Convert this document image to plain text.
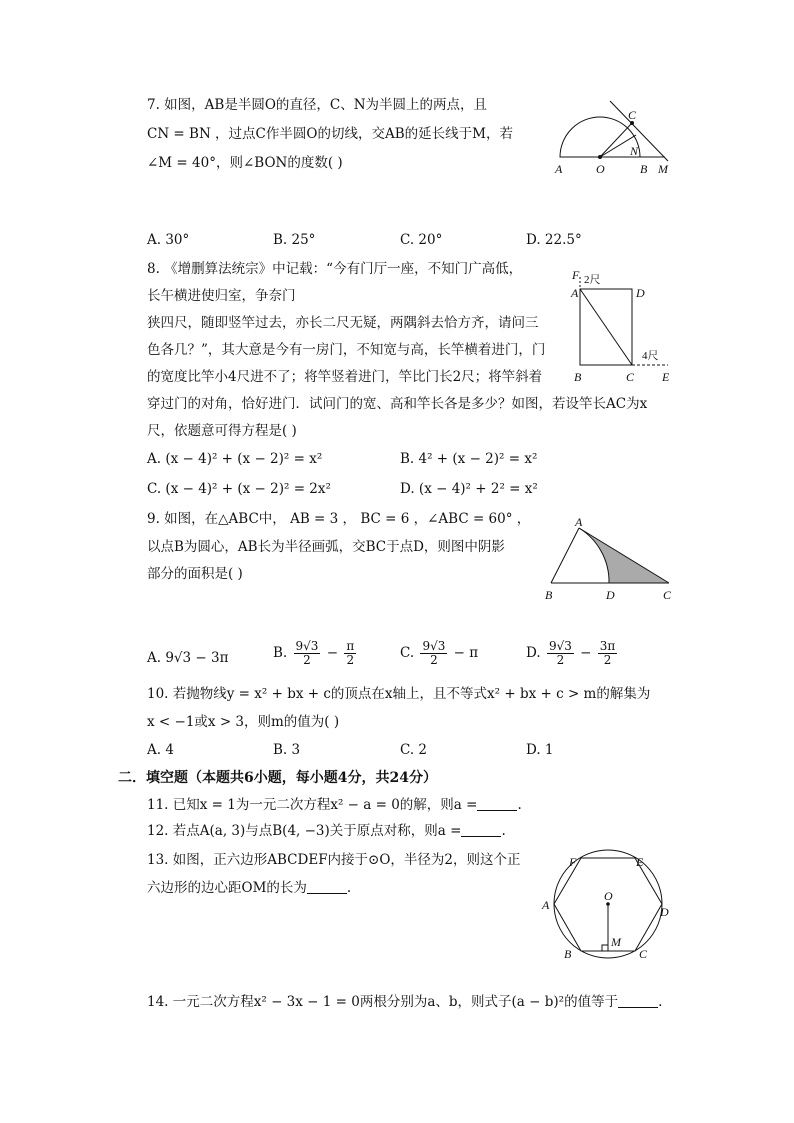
7. 如图，AB是半圆O的直径，C、N为半圆上的两点，且
CN = BN ，过点C作半圆O的切线，交AB的延长线于M，若
∠M = 40°，则∠BON的度数( )	A	O	B M
C
N
A. 30°	B. 25°	C. 20°	D. 22.5°
8. 《增删算法统宗》中记载：“今有门厅一座，不知门广高低，
长午横进使归室，争奈门
狭四尺，随即竖竿过去，亦长二尺无疑，两隅斜去恰方齐，请问三
色各几？”，其大意是今有一房门，不知宽与高，长竿横着进门，门
的宽度比竿小4尺进不了；将竿竖着进门，竿比门长2尺；将竿斜着
穿过门的对角，恰好进门．试问门的宽、高和竿长各是多少？如图，若设竿长AC为x
尺，依题意可得方程是( )
F 2尺
A	D
B	C E
4尺
A. (x − 4)² + (x − 2)² = x²	B. 4² + (x − 2)² = x²
C. (x − 4)² + (x − 2)² = 2x²	D. (x − 4)² + 2² = x²
9. 如图，在△ABC中， AB = 3 ， BC = 6 ，∠ABC = 60° ，
以点B为圆心，AB长为半径画弧，交BC于点D，则图中阴影
部分的面积是( )
A
B	D	C
A. 9√3 − 3π	B. $\frac{9√3}{2} - \frac{\pi}{2}$	C. $\frac{9√3}{2} - \pi$	D. $\frac{9√3}{2} - \frac{3\pi}{2}$
10. 若抛物线y = x² + bx + c的顶点在x轴上，且不等式x² + bx + c > m的解集为
x < −1或x > 3，则m的值为( )
A. 4	B. 3	C. 2	D. 1
二．填空题（本题共6小题，每小题4分，共24分）
11. 已知x = 1为一元二次方程x² − a = 0的解，则a =	.
12. 若点A(a, 3)与点B(4, −3)关于原点对称，则a =	.
13. 如图，正六边形ABCDEF内接于⊙O，半径为2，则这个正
六边形的边心距OM的长为	.
F	E
A
O
D
M
B	C
14. 一元二次方程x² − 3x − 1 = 0两根分别为a、b，则式子(a − b)²的值等于	.
